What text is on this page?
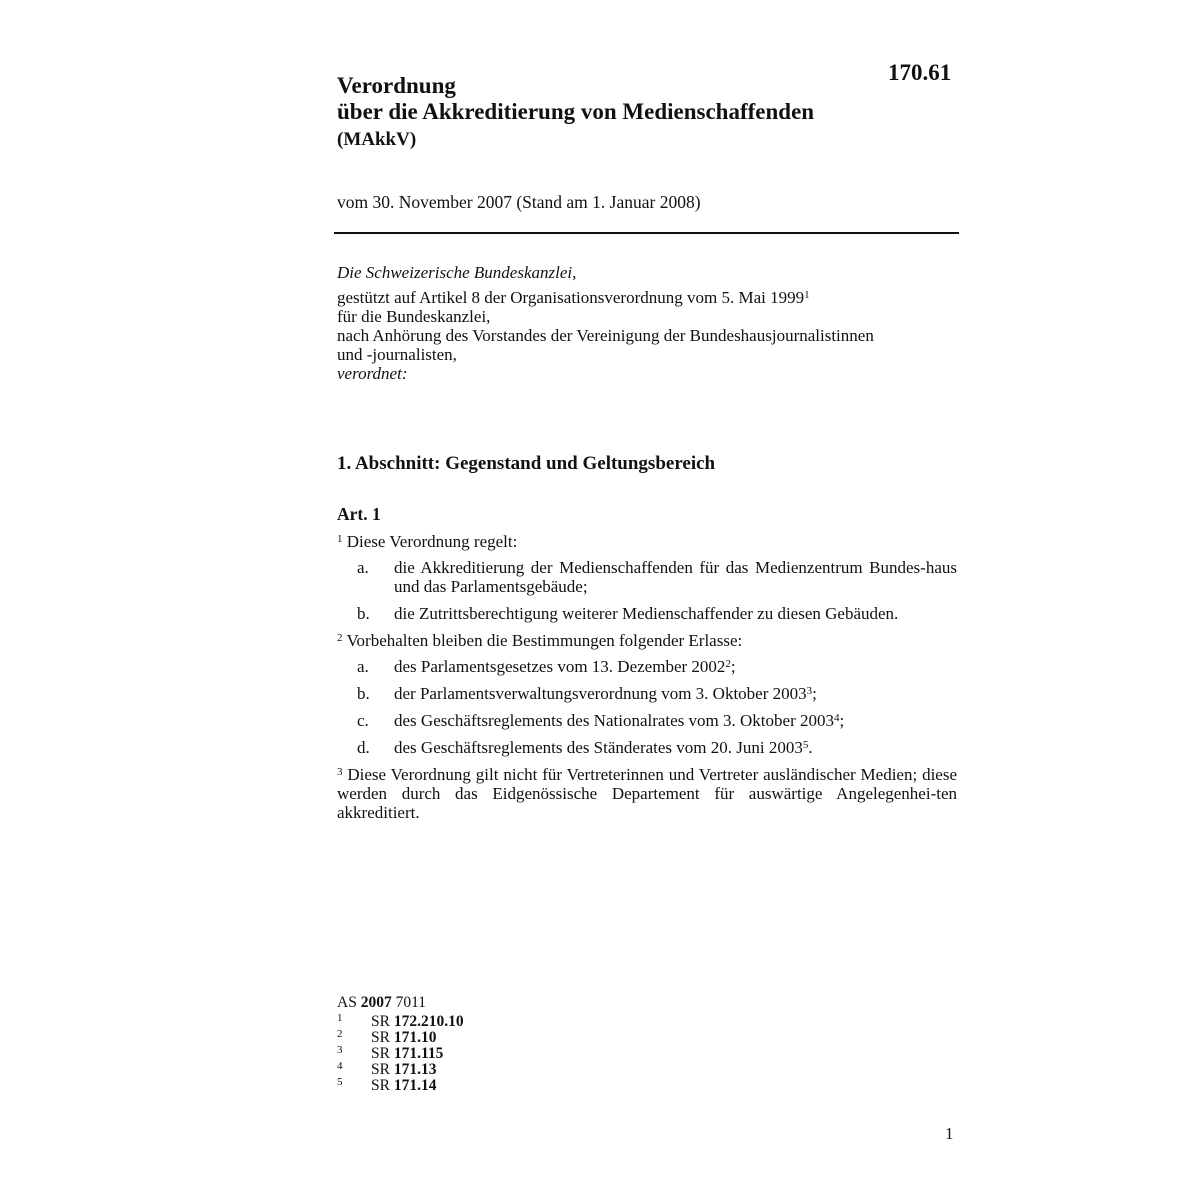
170.61
Verordnung
über die Akkreditierung von Medienschaffenden
(MAkkV)
vom 30. November 2007 (Stand am 1. Januar 2008)
Die Schweizerische Bundeskanzlei,
gestützt auf Artikel 8 der Organisationsverordnung vom 5. Mai 1999$^1$
für die Bundeskanzlei,
nach Anhörung des Vorstandes der Vereinigung der Bundeshausjournalistinnen
und -journalisten,
verordnet:
1. Abschnitt: Gegenstand und Geltungsbereich
Art. 1
$^1$ Diese Verordnung regelt:
a. die Akkreditierung der Medienschaffenden für das Medienzentrum Bundes-haus und das Parlamentsgebäude;
b. die Zutrittsberechtigung weiterer Medienschaffender zu diesen Gebäuden.
$^2$ Vorbehalten bleiben die Bestimmungen folgender Erlasse:
a. des Parlamentsgesetzes vom 13. Dezember 2002$^2$;
b. der Parlamentsverwaltungsverordnung vom 3. Oktober 2003$^3$;
c. des Geschäftsreglements des Nationalrates vom 3. Oktober 2003$^4$;
d. des Geschäftsreglements des Ständerates vom 20. Juni 2003$^5$.
$^3$ Diese Verordnung gilt nicht für Vertreterinnen und Vertreter ausländischer Medien; diese werden durch das Eidgenössische Departement für auswärtige Angelegenhei-ten akkreditiert.
AS 2007 7011
1 SR 172.210.10
2 SR 171.10
3 SR 171.115
4 SR 171.13
5 SR 171.14
1
